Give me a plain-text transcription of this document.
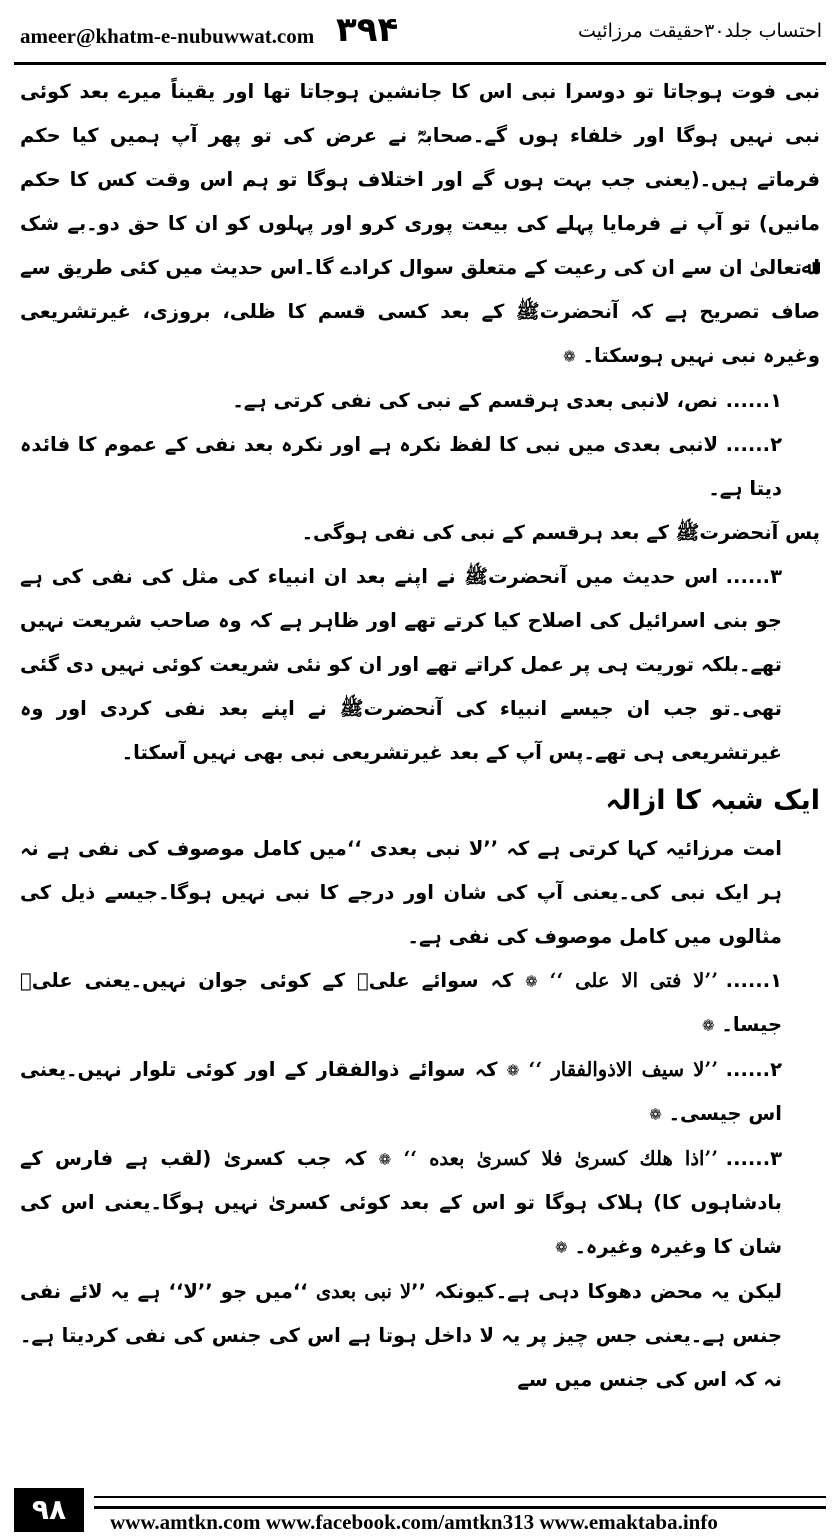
ameer@khatm-e-nubuwwat.com ۳۹۴	احتساب جلد۳۰حقیقت مرزائیت

نبی فوت ہوجاتا تو دوسرا نبی اس کا جانشین ہوجاتا تھا اور یقیناً میرے بعد کوئی نبی نہیں ہوگا اور خلفاء ہوں گے۔صحابہؓ نے عرض کی تو پھر آپ ہمیں کیا حکم فرماتے ہیں۔(یعنی جب بہت ہوں گے اور اختلاف ہوگا تو ہم اس وقت کس کا حکم مانیں) تو آپ نے فرمایا پہلے کی بیعت پوری کرو اور پہلوں کو ان کا حق دو۔بے شک اﷲتعالیٰ ان سے ان کی رعیت کے متعلق سوال کرادے گا۔اس حدیث میں کئی طریق سے صاف تصریح ہے کہ آنحضرتﷺ کے بعد کسی قسم کا ظلی، بروزی، غیرتشریعی وغیرہ نبی نہیں ہوسکتا۔ ❁

۱......نص، لانبی بعدی ہرقسم کے نبی کی نفی کرتی ہے۔

۲......لانبی بعدی میں نبی کا لفظ نکرہ ہے اور نکرہ بعد نفی کے عموم کا فائدہ دیتا ہے۔

پس آنحضرتﷺ کے بعد ہرقسم کے نبی کی نفی ہوگی۔

۳......اس حدیث میں آنحضرتﷺ نے اپنے بعد ان انبیاء کی مثل کی نفی کی ہے جو بنی اسرائیل کی اصلاح کیا کرتے تھے اور ظاہر ہے کہ وہ صاحب شریعت نہیں تھے۔بلکہ توریت ہی پر عمل کراتے تھے اور ان کو نئی شریعت کوئی نہیں دی گئی تھی۔تو جب ان جیسے انبیاء کی آنحضرتﷺ نے اپنے بعد نفی کردی اور وہ غیرتشریعی ہی تھے۔پس آپ کے بعد غیرتشریعی نبی بھی نہیں آسکتا۔

ایک شبہ کا ازالہ

امت مرزائیہ کہا کرتی ہے کہ ’’لا نبی بعدی ‘‘میں کامل موصوف کی نفی ہے نہ ہر ایک نبی کی۔یعنی آپ کی شان اور درجے کا نبی نہیں ہوگا۔جیسے ذیل کی مثالوں میں کامل موصوف کی نفی ہے۔

۱......’’لا فتی الا علی ‘‘ ❁ کہ سوائے علیؓ کے کوئی جوان نہیں۔یعنی علیؓ جیسا۔ ❁

۲......’’لا سیف الاذوالفقار ‘‘ ❁ کہ سوائے ذوالفقار کے اور کوئی تلوار نہیں۔یعنی اس جیسی۔ ❁

۳......’’اذا ھلك كسریٰ فلا كسریٰ بعده ‘‘ ❁ کہ جب کسریٰ (لقب ہے فارس کے بادشاہوں کا) ہلاک ہوگا تو اس کے بعد کوئی کسریٰ نہیں ہوگا۔یعنی اس کی شان کا وغیرہ وغیرہ۔ ❁

لیکن یہ محض دھوکا دہی ہے۔کیونکہ ’’لا نبی بعدی ‘‘میں جو ’’لا‘‘ ہے یہ لائے نفی جنس ہے۔یعنی جس چیز پر یہ لا داخل ہوتا ہے اس کی جنس کی نفی کردیتا ہے۔نہ کہ اس کی جنس میں سے

۹۸	www.amtkn.com www.facebook.com/amtkn313 www.emaktaba.info
